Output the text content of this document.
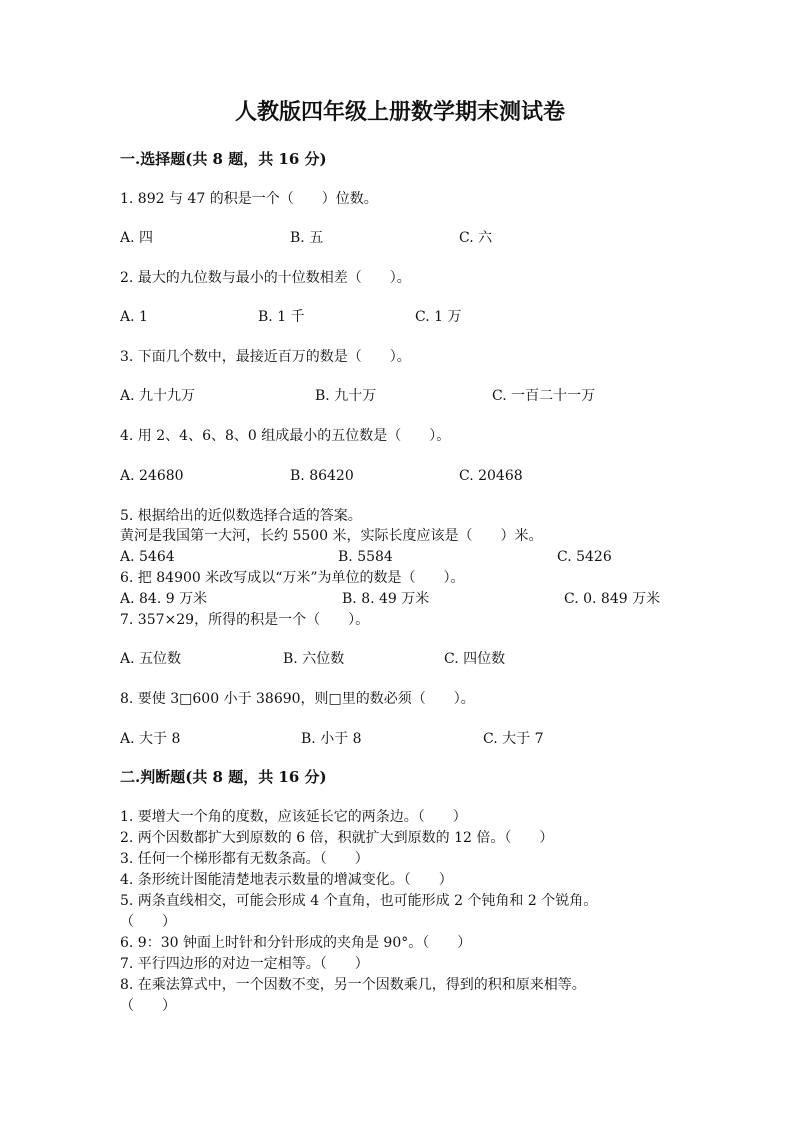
人教版四年级上册数学期末测试卷
一.选择题(共 8 题，共 16 分)
1. 892 与 47 的积是一个（　　）位数。
A. 四	B. 五	C. 六
2. 最大的九位数与最小的十位数相差（　　）。
A. 1	B. 1 千	C. 1 万
3. 下面几个数中，最接近百万的数是（　　）。
A. 九十九万	B. 九十万	C. 一百二十一万
4. 用 2、4、6、8、0 组成最小的五位数是（　　）。
A. 24680	B. 86420	C. 20468
5. 根据给出的近似数选择合适的答案。
黄河是我国第一大河，长约 5500 米，实际长度应该是（　　）米。
A. 5464	B. 5584	C. 5426
6. 把 84900 米改写成以“万米”为单位的数是（　　）。
A. 84. 9 万米	B. 8. 49 万米	C. 0. 849 万米
7. 357×29，所得的积是一个（　　）。
A. 五位数	B. 六位数	C. 四位数
8. 要使 3□600 小于 38690，则□里的数必须（　　）。
A. 大于 8	B. 小于 8	C. 大于 7
二.判断题(共 8 题，共 16 分)
1. 要增大一个角的度数，应该延长它的两条边。（　　）
2. 两个因数都扩大到原数的 6 倍，积就扩大到原数的 12 倍。（　　）
3. 任何一个梯形都有无数条高。（　　）
4. 条形统计图能清楚地表示数量的增减变化。（　　）
5. 两条直线相交，可能会形成 4 个直角，也可能形成 2 个钝角和 2 个锐角。
（　　）
6. 9：30 钟面上时针和分针形成的夹角是 90°。（　　）
7. 平行四边形的对边一定相等。（　　）
8. 在乘法算式中，一个因数不变，另一个因数乘几，得到的积和原来相等。
（　　）
